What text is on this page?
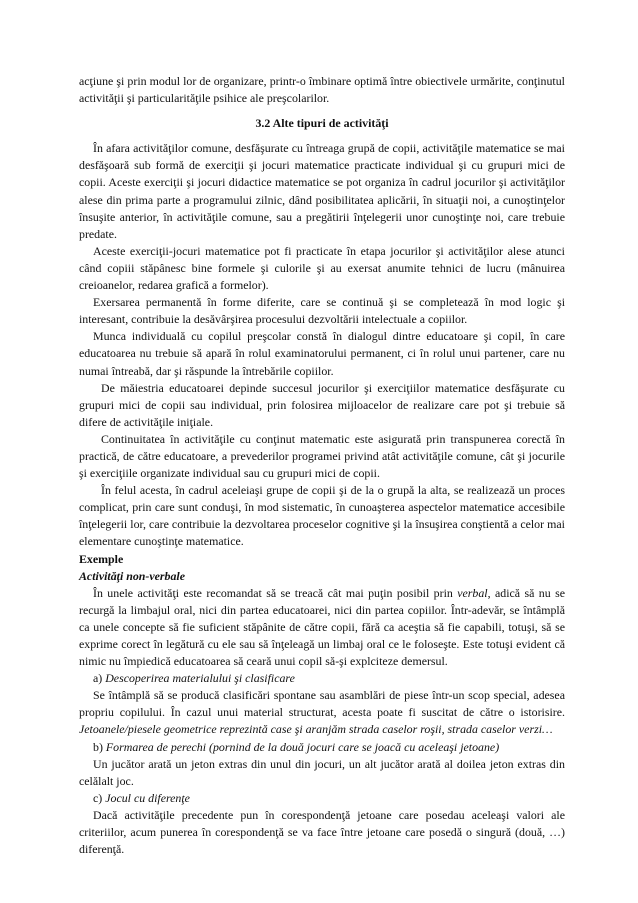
acţiune şi prin modul lor de organizare, printr-o îmbinare optimă între obiectivele urmărite, conţinutul activităţii şi particularităţile psihice ale preşcolarilor.

3.2 Alte tipuri de activităţi

În afara activităţilor comune, desfăşurate cu întreaga grupă de copii, activităţile matematice se mai desfăşoară sub formă de exerciţii şi jocuri matematice practicate individual şi cu grupuri mici de copii. Aceste exerciţii şi jocuri didactice matematice se pot organiza în cadrul jocurilor şi activităţilor alese din prima parte a programului zilnic, dând posibilitatea aplicării, în situaţii noi, a cunoştinţelor însuşite anterior, în activităţile comune, sau a pregătirii înţelegerii unor cunoştinţe noi, care trebuie predate.

Aceste exerciţii-jocuri matematice pot fi practicate în etapa jocurilor şi activităţilor alese atunci când copiii stăpânesc bine formele şi culorile şi au exersat anumite tehnici de lucru (mânuirea creioanelor, redarea grafică a formelor).

Exersarea permanentă în forme diferite, care se continuă şi se completează în mod logic şi interesant, contribuie la desăvârşirea procesului dezvoltării intelectuale a copiilor.

Munca individuală cu copilul preşcolar constă în dialogul dintre educatoare şi copil, în care educatoarea nu trebuie să apară în rolul examinatorului permanent, ci în rolul unui partener, care nu numai întreabă, dar şi răspunde la întrebările copiilor.

De măiestria educatoarei depinde succesul jocurilor şi exerciţiilor matematice desfăşurate cu grupuri mici de copii sau individual, prin folosirea mijloacelor de realizare care pot şi trebuie să difere de activităţile iniţiale.

Continuitatea în activităţile cu conţinut matematic este asigurată prin transpunerea corectă în practică, de către educatoare, a prevederilor programei privind atât activităţile comune, cât şi jocurile şi exerciţiile organizate individual sau cu grupuri mici de copii.

În felul acesta, în cadrul aceleiaşi grupe de copii şi de la o grupă la alta, se realizează un proces complicat, prin care sunt conduşi, în mod sistematic, în cunoaşterea aspectelor matematice accesibile înţelegerii lor, care contribuie la dezvoltarea proceselor cognitive şi la însuşirea conştientă a celor mai elementare cunoştinţe matematice.

Exemple

Activităţi non-verbale

În unele activităţi este recomandat să se treacă cât mai puţin posibil prin verbal, adică să nu se recurgă la limbajul oral, nici din partea educatoarei, nici din partea copiilor. Într-adevăr, se întâmplă ca unele concepte să fie suficient stăpânite de către copii, fără ca aceştia să fie capabili, totuşi, să se exprime corect în legătură cu ele sau să înţeleagă un limbaj oral ce le foloseşte. Este totuşi evident că nimic nu împiedică educatoarea să ceară unui copil să-şi explciteze demersul.

a) Descoperirea materialului şi clasificare

Se întâmplă să se producă clasificări spontane sau asamblări de piese într-un scop special, adesea propriu copilului. În cazul unui material structurat, acesta poate fi suscitat de către o istorisire. Jetoanele/piesele geometrice reprezintă case şi aranjăm strada caselor roşii, strada caselor verzi…

b) Formarea de perechi (pornind de la două jocuri care se joacă cu aceleaşi jetoane)

Un jucător arată un jeton extras din unul din jocuri, un alt jucător arată al doilea jeton extras din celălalt joc.

c) Jocul cu diferenţe

Dacă activităţile precedente pun în corespondenţă jetoane care posedau aceleaşi valori ale criteriilor, acum punerea în corespondenţă se va face între jetoane care posedă o singură (două, …) diferenţă.
